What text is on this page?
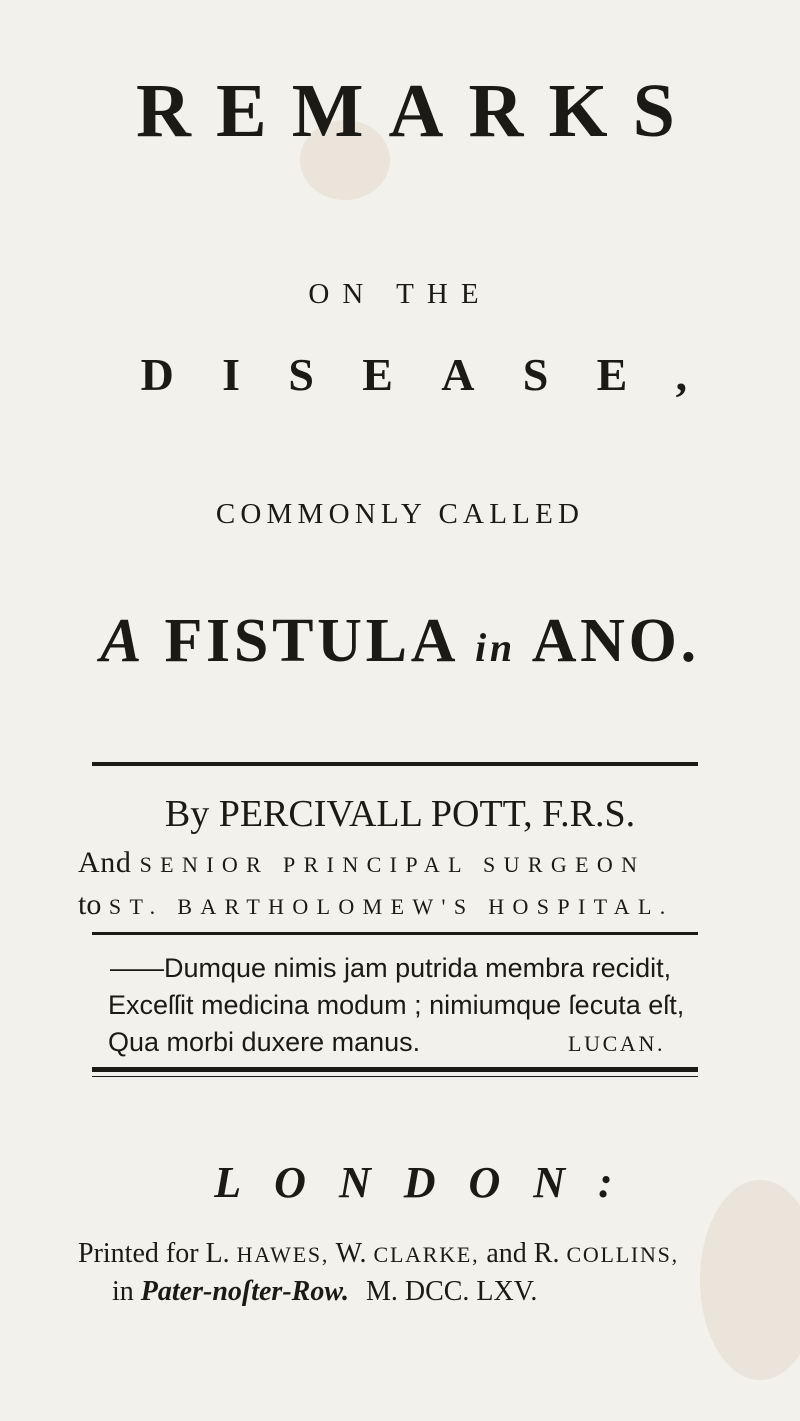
REMARKS
ON THE
DISEASE,
COMMONLY CALLED
A FISTULA in ANO.
By PERCIVALL POTT, F.R.S.
And SENIOR PRINCIPAL SURGEON
to ST. BARTHOLOMEW'S HOSPITAL.
——Dumque nimis jam putrida membra recidit,
Exceſſit medicina modum ; nimiumque ſecuta eſt,
Qua morbi duxere manus.	LUCAN.
LONDON:
Printed for L. HAWES, W. CLARKE, and R. COLLINS,
in Pater-noſter-Row. M. DCC. LXV.
